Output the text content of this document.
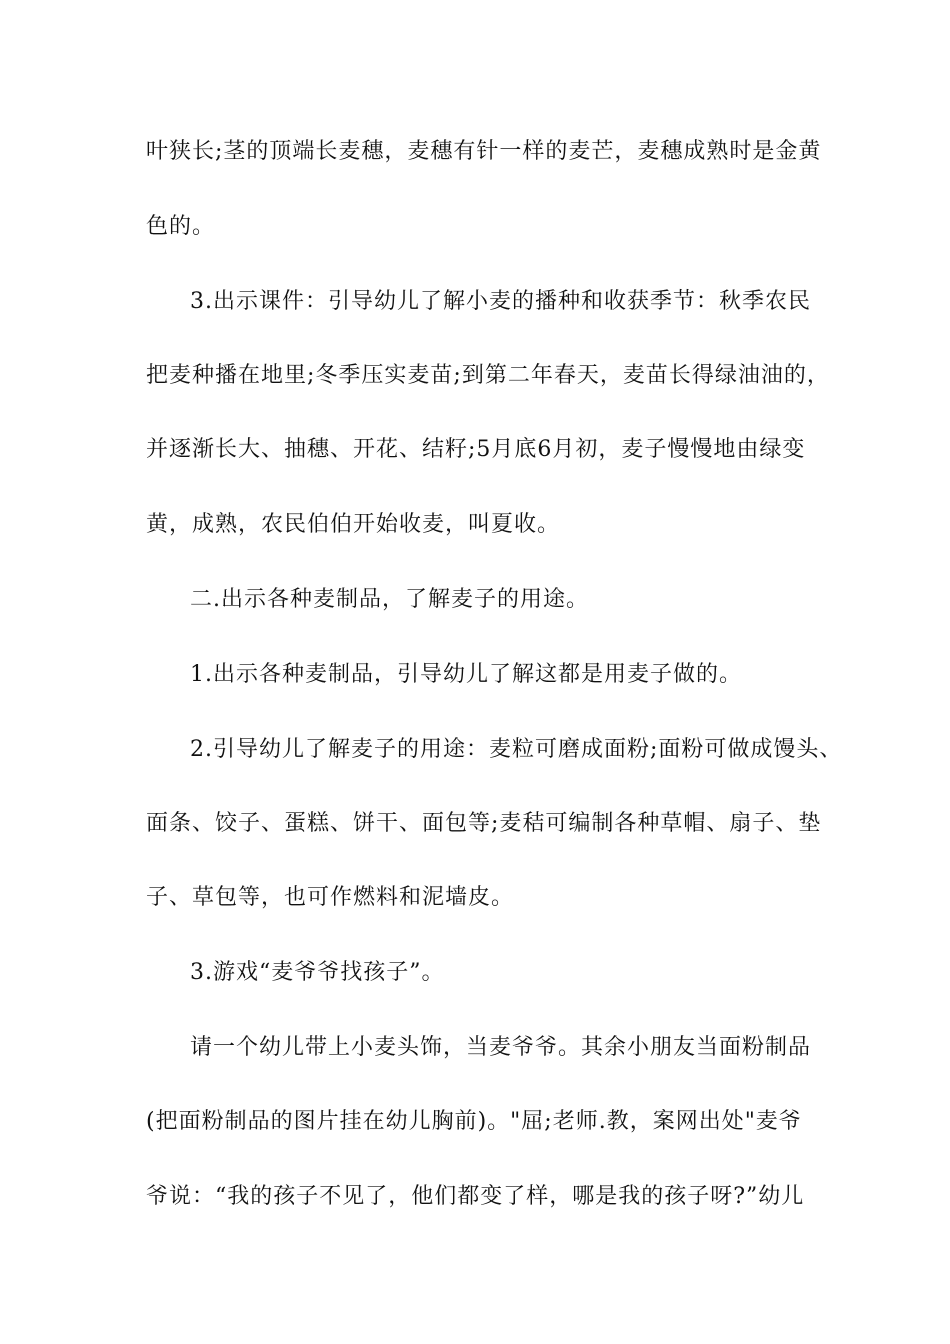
叶狭长;茎的顶端长麦穗，麦穗有针一样的麦芒，麦穗成熟时是金黄
色的。
3.出示课件：引导幼儿了解小麦的播种和收获季节：秋季农民
把麦种播在地里;冬季压实麦苗;到第二年春天，麦苗长得绿油油的，
并逐渐长大、抽穗、开花、结籽;5月底6月初，麦子慢慢地由绿变
黄，成熟，农民伯伯开始收麦，叫夏收。
二.出示各种麦制品，了解麦子的用途。
1.出示各种麦制品，引导幼儿了解这都是用麦子做的。
2.引导幼儿了解麦子的用途：麦粒可磨成面粉;面粉可做成馒头、
面条、饺子、蛋糕、饼干、面包等;麦秸可编制各种草帽、扇子、垫
子、草包等，也可作燃料和泥墙皮。
3.游戏“麦爷爷找孩子”。
请一个幼儿带上小麦头饰，当麦爷爷。其余小朋友当面粉制品
(把面粉制品的图片挂在幼儿胸前)。"屈;老师.教，案网出处"麦爷
爷说：“我的孩子不见了，他们都变了样，哪是我的孩子呀?”幼儿
